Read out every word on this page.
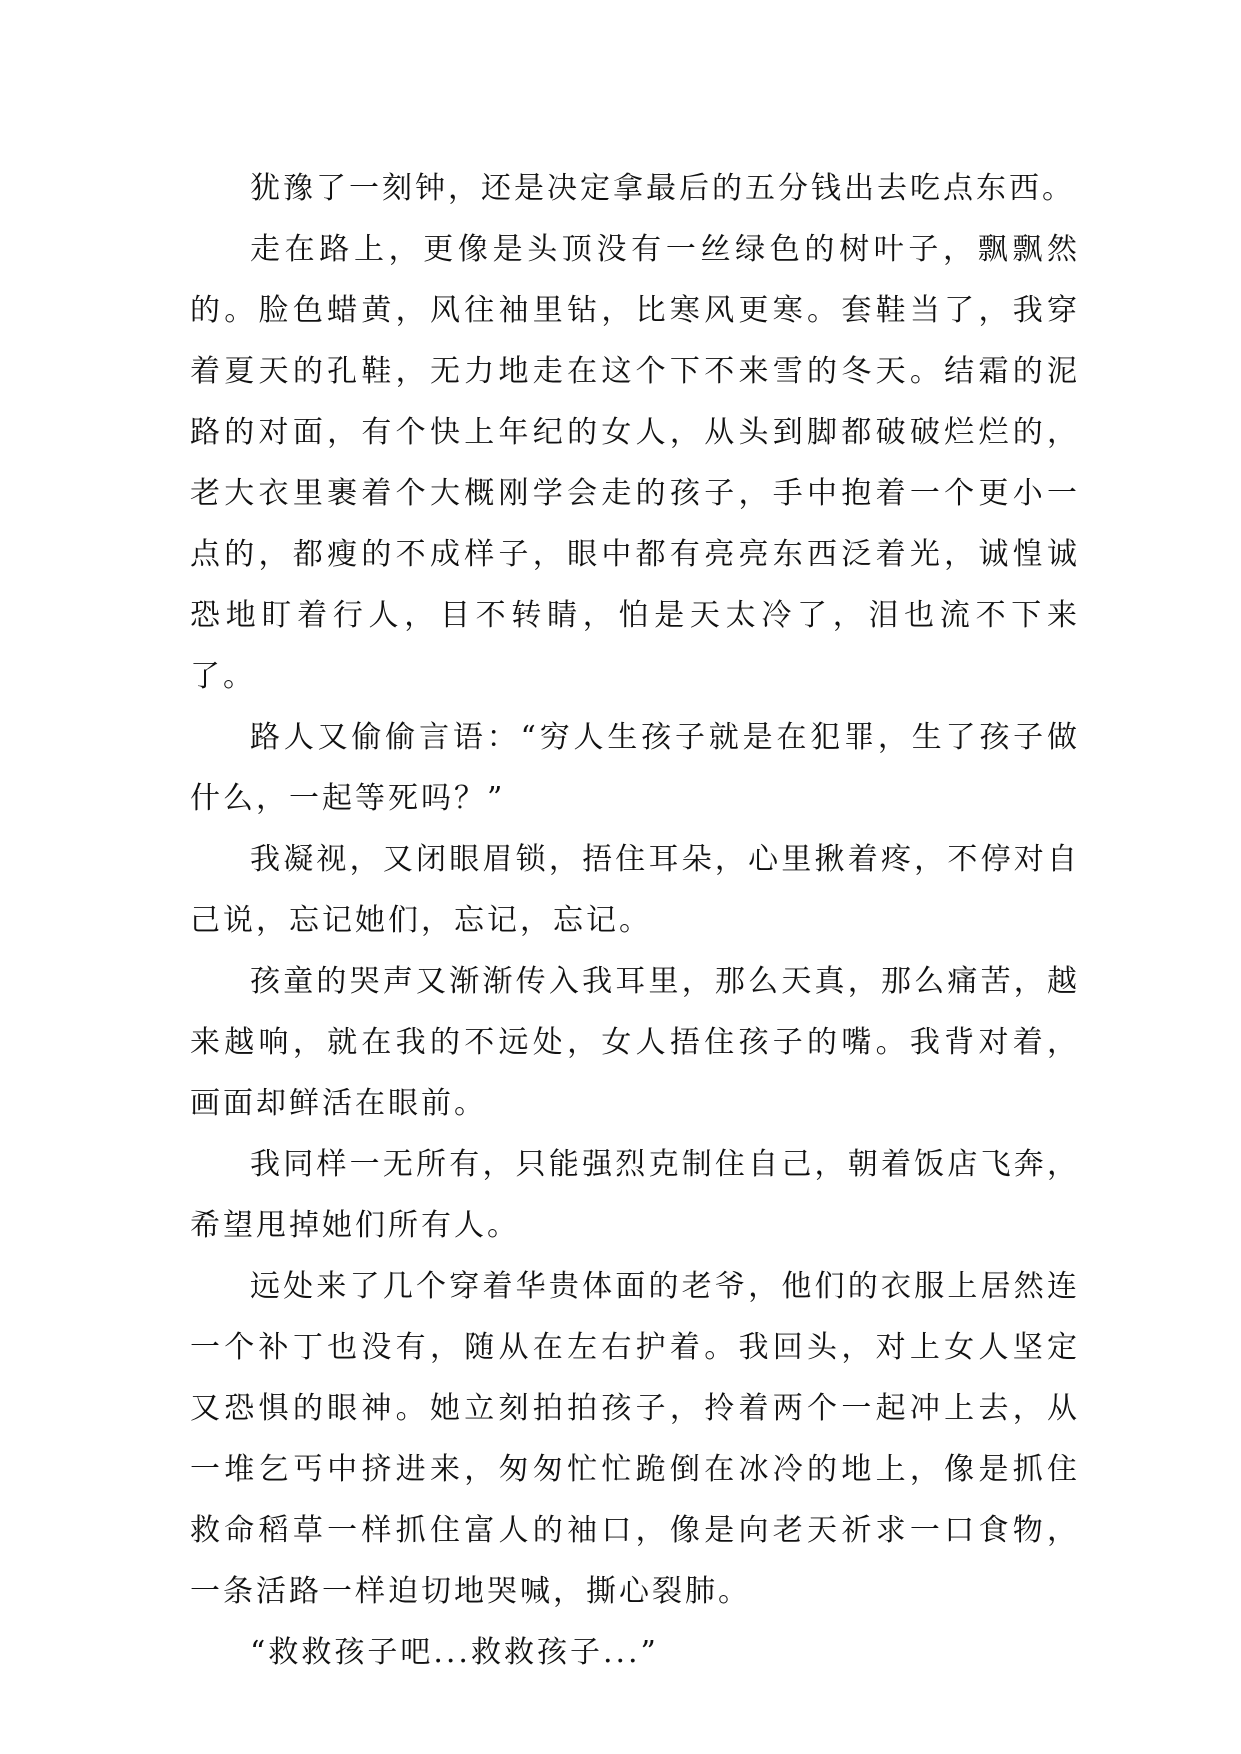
犹豫了一刻钟，还是决定拿最后的五分钱出去吃点东西。

走在路上，更像是头顶没有一丝绿色的树叶子，飘飘然的。脸色蜡黄，风往袖里钻，比寒风更寒。套鞋当了，我穿着夏天的孔鞋，无力地走在这个下不来雪的冬天。结霜的泥路的对面，有个快上年纪的女人，从头到脚都破破烂烂的，老大衣里裹着个大概刚学会走的孩子，手中抱着一个更小一点的，都瘦的不成样子，眼中都有亮亮东西泛着光，诚惶诚恐地盯着行人，目不转睛，怕是天太冷了，泪也流不下来了。

路人又偷偷言语：“穷人生孩子就是在犯罪，生了孩子做什么，一起等死吗？”

我凝视，又闭眼眉锁，捂住耳朵，心里揪着疼，不停对自己说，忘记她们，忘记，忘记。

孩童的哭声又渐渐传入我耳里，那么天真，那么痛苦，越来越响，就在我的不远处，女人捂住孩子的嘴。我背对着，画面却鲜活在眼前。

我同样一无所有，只能强烈克制住自己，朝着饭店飞奔，希望甩掉她们所有人。

远处来了几个穿着华贵体面的老爷，他们的衣服上居然连一个补丁也没有，随从在左右护着。我回头，对上女人坚定又恐惧的眼神。她立刻拍拍孩子，拎着两个一起冲上去，从一堆乞丐中挤进来，匆匆忙忙跪倒在冰冷的地上，像是抓住救命稻草一样抓住富人的袖口，像是向老天祈求一口食物，一条活路一样迫切地哭喊，撕心裂肺。

“救救孩子吧...救救孩子...”
